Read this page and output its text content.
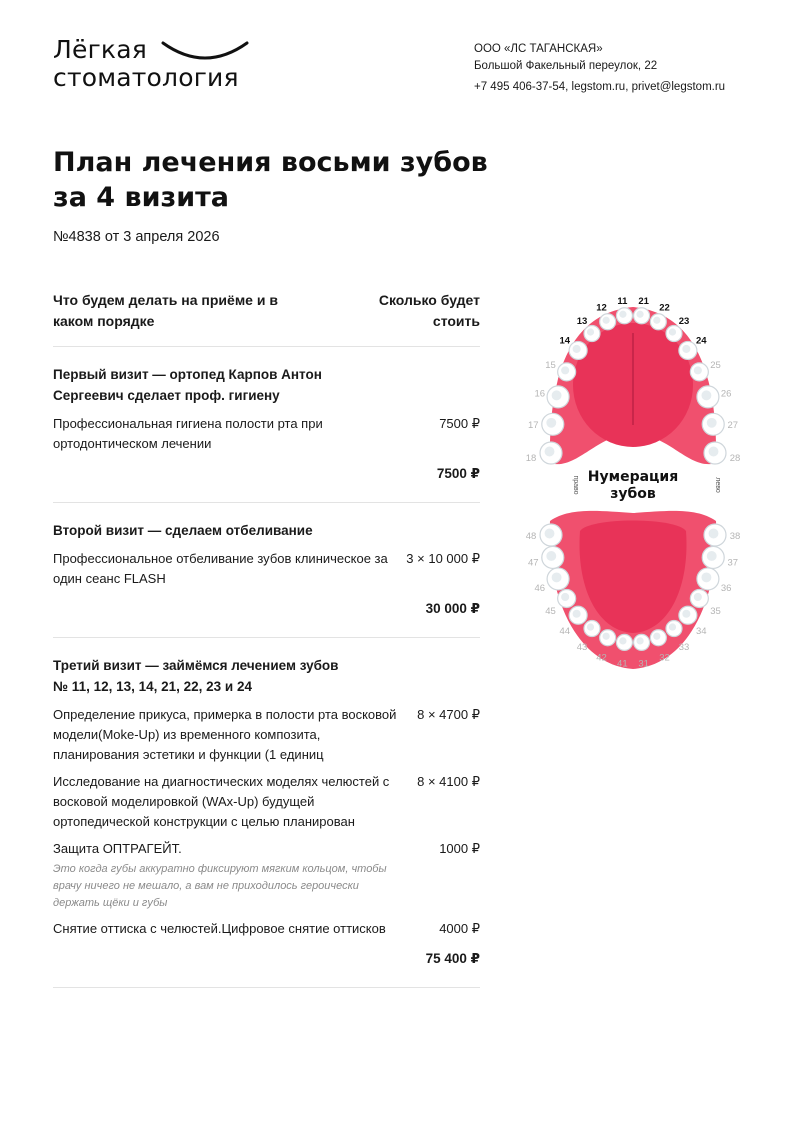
Лёгкая
стоматология
ООО «ЛС ТАГАНСКАЯ»
Большой Факельный переулок, 22
+7 495 406-37-54, legstom.ru, privet@legstom.ru
План лечения восьми зубов за 4 визита
№4838 от 3 апреля 2026
Что будем делать на приёме и в каком порядке
Сколько будет стоить
Первый визит — ортопед Карпов Антон Сергеевич сделает проф. гигиену
Профессиональная гигиена полости рта при ортодонтическом лечении
7500 ₽
7500 ₽
Второй визит — сделаем отбеливание
Профессиональное отбеливание зубов клиническое за один сеанс FLASH
3 × 10 000 ₽
30 000 ₽
Третий визит — займёмся лечением зубов № 11, 12, 13, 14, 21, 22, 23 и 24
Определение прикуса, примерка в полости рта восковой модели(Moke-Up) из временного композита, планирования эстетики и функции (1 единиц
8 × 4700 ₽
Исследование на диагностических моделях челюстей с восковой моделировкой (WAx-Up) будущей ортопедической конструкции с целью планирован
8 × 4100 ₽
Защита ОПТРАГЕЙТ.
Это когда губы аккуратно фиксируют мягким кольцом, чтобы врачу ничего не мешало, а вам не приходилось героически держать щёки и губы
1000 ₽
Снятие оттиска с челюстей.Цифровое снятие оттисков	4000 ₽
75 400 ₽
18
17
16
15
14
13
12
11 21
22
23
24
25
26
27
28
48
47
46
45
44
43
42
41 31
32
33
34
35
36
37
38
Нумерация
зубов
право	лево
